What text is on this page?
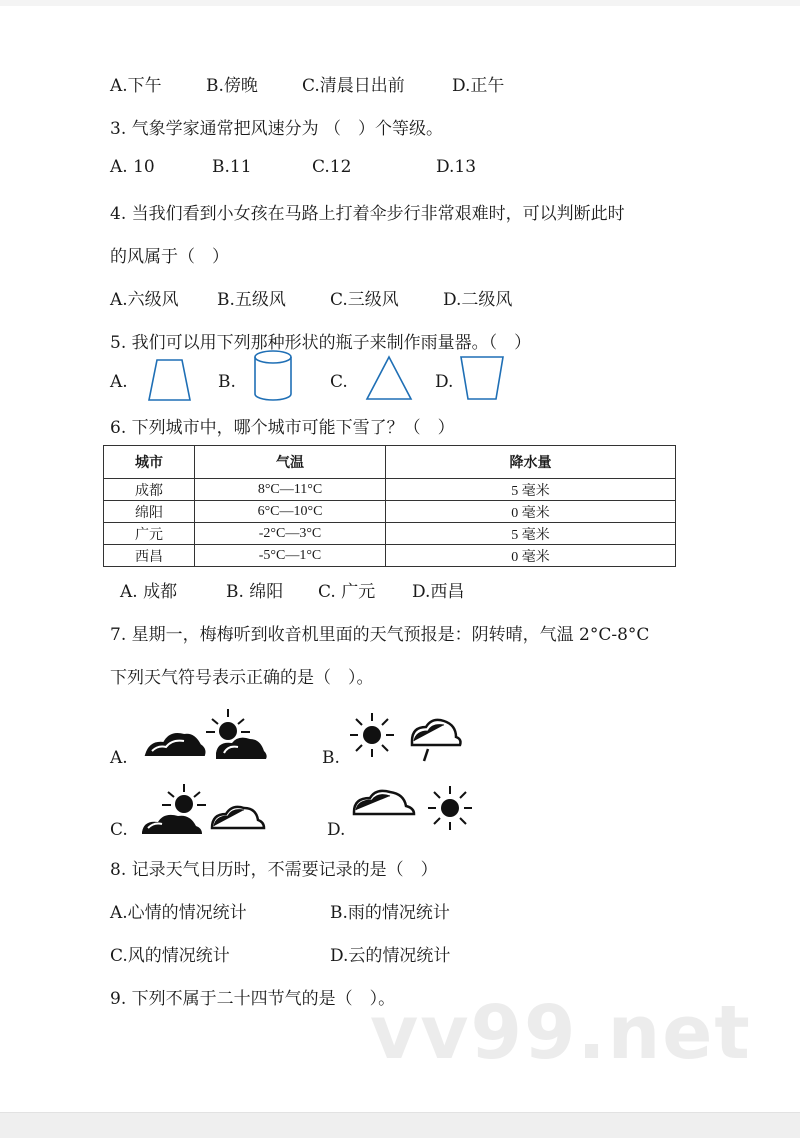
A.下午	B.傍晚	C.清晨日出前	D.正午
3. 气象学家通常把风速分为 （　）个等级。
A. 10	B.11	C.12	D.13
4. 当我们看到小女孩在马路上打着伞步行非常艰难时，可以判断此时
的风属于（　）
A.六级风 B.五级风	C.三级风	D.二级风
5. 我们可以用下列那种形状的瓶子来制作雨量器。（　）
A.	B.	C.	D.
6. 下列城市中，哪个城市可能下雪了？（　）
城市	气温	降水量
成都	8°C—11°C	5 毫米
绵阳	6°C—10°C	0 毫米
广元	-2°C—3°C	5 毫米
西昌	-5°C—1°C	0 毫米
A. 成都	B. 绵阳 C. 广元 D.西昌
7. 星期一，梅梅听到收音机里面的天气预报是：阴转晴，气温 2°C-8°C
下列天气符号表示正确的是（　）。
A.	B.
C.	D.
8. 记录天气日历时，不需要记录的是（　）
A.心情的情况统计	B.雨的情况统计
C.风的情况统计	D.云的情况统计
9. 下列不属于二十四节气的是（　）。
vv99.net
